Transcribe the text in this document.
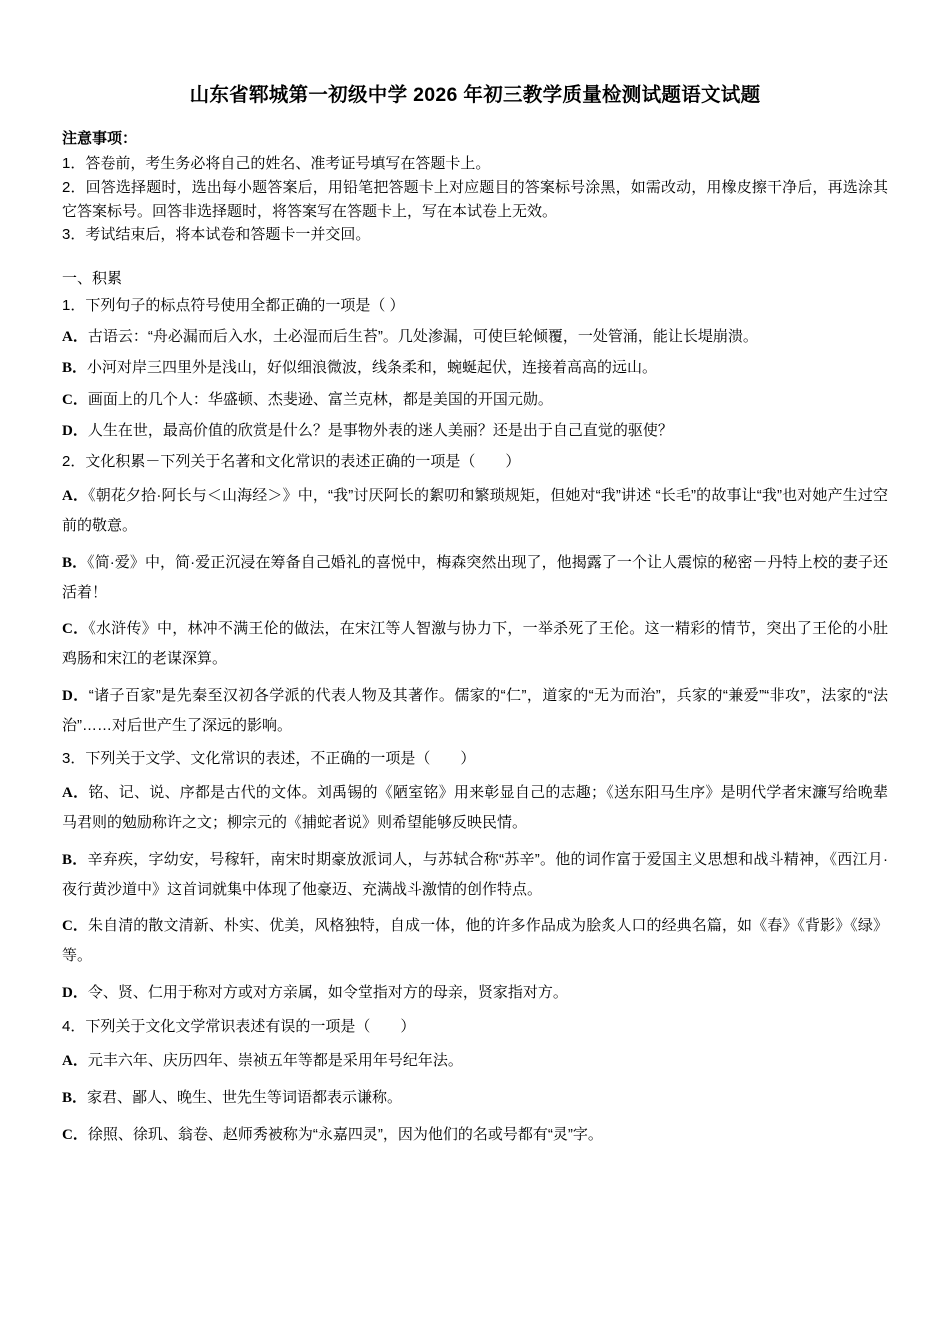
山东省郓城第一初级中学 2026 年初三教学质量检测试题语文试题

注意事项：

1．答卷前，考生务必将自己的姓名、准考证号填写在答题卡上。

2．回答选择题时，选出每小题答案后，用铅笔把答题卡上对应题目的答案标号涂黑，如需改动，用橡皮擦干净后，再选涂其它答案标号。回答非选择题时，将答案写在答题卡上，写在本试卷上无效。

3．考试结束后，将本试卷和答题卡一并交回。

一、积累

1．下列句子的标点符号使用全都正确的一项是（ ）

A．古语云：“舟必漏而后入水，土必湿而后生苔”。几处渗漏，可使巨轮倾覆，一处管涌，能让长堤崩溃。

B．小河对岸三四里外是浅山，好似细浪微波，线条柔和，蜿蜒起伏，连接着高高的远山。

C．画面上的几个人：华盛顿、杰斐逊、富兰克林，都是美国的开国元勋。

D．人生在世，最高价值的欣赏是什么？是事物外表的迷人美丽？还是出于自己直觉的驱使？

2．文化积累－下列关于名著和文化常识的表述正确的一项是（　　）

A．《朝花夕拾·阿长与＜山海经＞》中，“我”讨厌阿长的絮叨和繁琐规矩，但她对“我”讲述 “长毛”的故事让“我”也对她产生过空前的敬意。

B．《简·爱》中，简·爱正沉浸在筹备自己婚礼的喜悦中，梅森突然出现了，他揭露了一个让人震惊的秘密－丹特上校的妻子还活着！

C．《水浒传》中，林冲不满王伦的做法，在宋江等人智激与协力下，一举杀死了王伦。这一精彩的情节，突出了王伦的小肚鸡肠和宋江的老谋深算。

D．“诸子百家”是先秦至汉初各学派的代表人物及其著作。儒家的“仁”，道家的“无为而治”，兵家的“兼爱”“非攻”，法家的“法治”……对后世产生了深远的影响。

3．下列关于文学、文化常识的表述，不正确的一项是（　　）

A．铭、记、说、序都是古代的文体。刘禹锡的《陋室铭》用来彰显自己的志趣；《送东阳马生序》是明代学者宋濂写给晚辈马君则的勉励称许之文；柳宗元的《捕蛇者说》则希望能够反映民情。

B．辛弃疾，字幼安，号稼轩，南宋时期豪放派词人，与苏轼合称“苏辛”。他的词作富于爱国主义思想和战斗精神，《西江月·夜行黄沙道中》这首词就集中体现了他豪迈、充满战斗激情的创作特点。

C．朱自清的散文清新、朴实、优美，风格独特，自成一体，他的许多作品成为脍炙人口的经典名篇，如《春》《背影》《绿》等。

D．令、贤、仁用于称对方或对方亲属，如令堂指对方的母亲，贤家指对方。

4．下列关于文化文学常识表述有误的一项是（　　）

A．元丰六年、庆历四年、崇祯五年等都是采用年号纪年法。

B．家君、鄙人、晚生、世先生等词语都表示谦称。

C．徐照、徐玑、翁卷、赵师秀被称为“永嘉四灵”，因为他们的名或号都有“灵”字。
